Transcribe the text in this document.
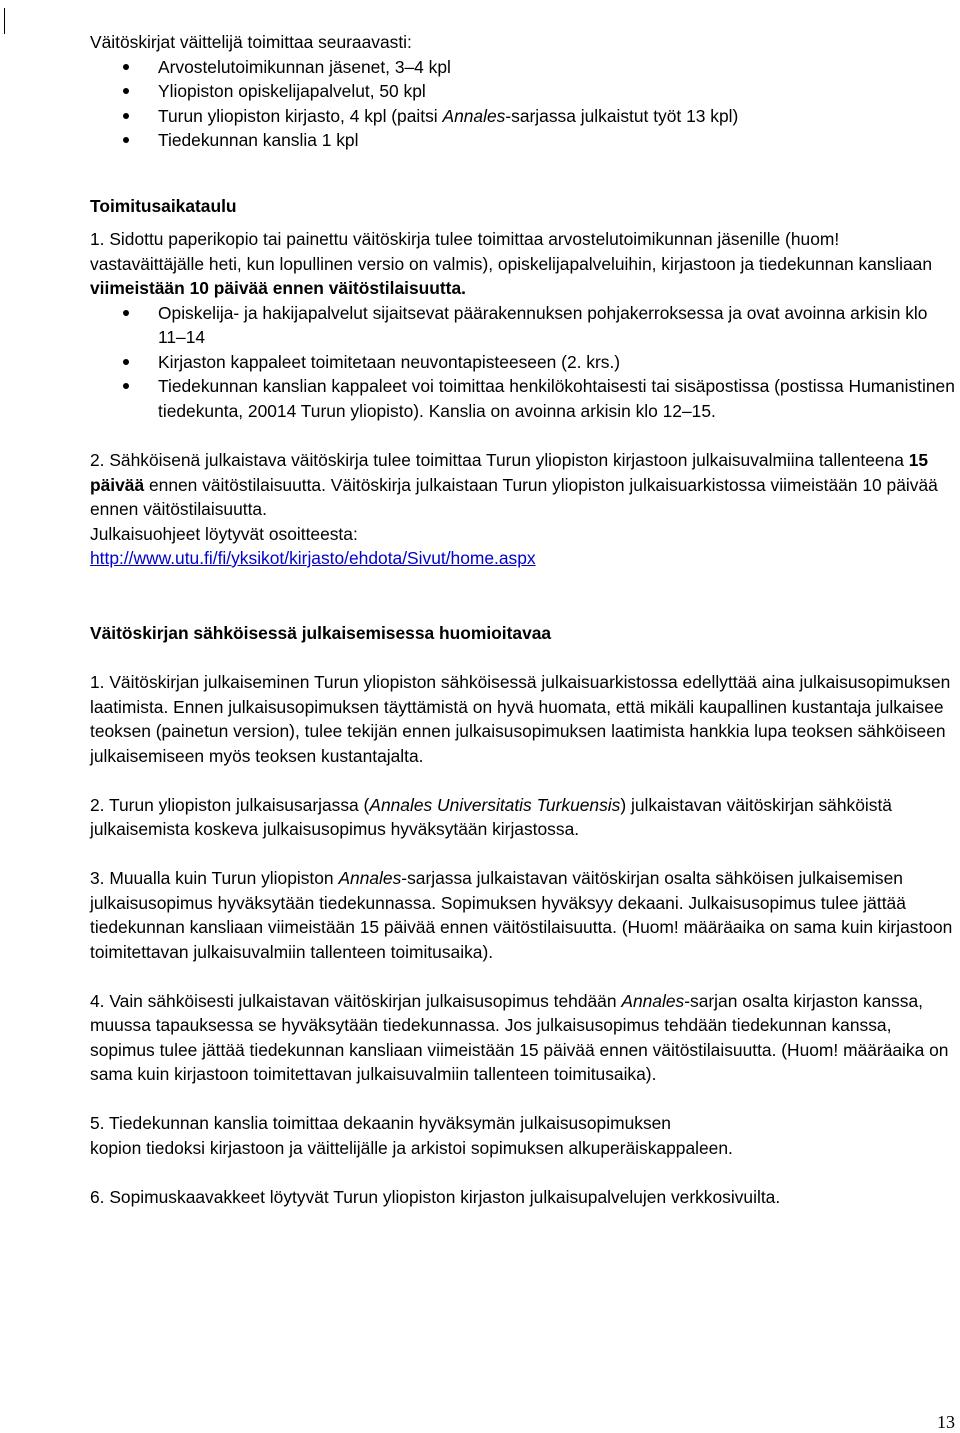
Väitöskirjat väittelijä toimittaa seuraavasti:

Arvostelutoimikunnan jäsenet, 3–4 kpl
Yliopiston opiskelijapalvelut, 50 kpl
Turun yliopiston kirjasto, 4 kpl (paitsi Annales-sarjassa julkaistut työt 13 kpl)
Tiedekunnan kanslia 1 kpl

Toimitusaikataulu

1. Sidottu paperikopio tai painettu väitöskirja tulee toimittaa arvostelutoimikunnan jäsenille (huom! vastaväittäjälle heti, kun lopullinen versio on valmis), opiskelijapalveluihin, kirjastoon ja tiedekunnan kansliaan viimeistään 10 päivää ennen väitöstilaisuutta.

Opiskelija- ja hakijapalvelut sijaitsevat päärakennuksen pohjakerroksessa ja ovat avoinna arkisin klo 11–14
Kirjaston kappaleet toimitetaan neuvontapisteeseen (2. krs.)
Tiedekunnan kanslian kappaleet voi toimittaa henkilökohtaisesti tai sisäpostissa (postissa Humanistinen tiedekunta, 20014 Turun yliopisto). Kanslia on avoinna arkisin klo 12–15.

2. Sähköisenä julkaistava väitöskirja tulee toimittaa Turun yliopiston kirjastoon julkaisuvalmiina tallenteena 15 päivää ennen väitöstilaisuutta. Väitöskirja julkaistaan Turun yliopiston julkaisuarkistossa viimeistään 10 päivää ennen väitöstilaisuutta.

Julkaisuohjeet löytyvät osoitteesta:

http://www.utu.fi/fi/yksikot/kirjasto/ehdota/Sivut/home.aspx

Väitöskirjan sähköisessä julkaisemisessa huomioitavaa

1. Väitöskirjan julkaiseminen Turun yliopiston sähköisessä julkaisuarkistossa edellyttää aina julkaisusopimuksen laatimista. Ennen julkaisusopimuksen täyttämistä on hyvä huomata, että mikäli kaupallinen kustantaja julkaisee teoksen (painetun version), tulee tekijän ennen julkaisusopimuksen laatimista hankkia lupa teoksen sähköiseen julkaisemiseen myös teoksen kustantajalta.

2. Turun yliopiston julkaisusarjassa (Annales Universitatis Turkuensis) julkaistavan väitöskirjan sähköistä julkaisemista koskeva julkaisusopimus hyväksytään kirjastossa.

3. Muualla kuin Turun yliopiston Annales-sarjassa julkaistavan väitöskirjan osalta sähköisen julkaisemisen julkaisusopimus hyväksytään tiedekunnassa. Sopimuksen hyväksyy dekaani. Julkaisusopimus tulee jättää tiedekunnan kansliaan viimeistään 15 päivää ennen väitöstilaisuutta. (Huom! määräaika on sama kuin kirjastoon toimitettavan julkaisuvalmiin tallenteen toimitusaika).

4. Vain sähköisesti julkaistavan väitöskirjan julkaisusopimus tehdään Annales-sarjan osalta kirjaston kanssa, muussa tapauksessa se hyväksytään tiedekunnassa. Jos julkaisusopimus tehdään tiedekunnan kanssa, sopimus tulee jättää tiedekunnan kansliaan viimeistään 15 päivää ennen väitöstilaisuutta. (Huom! määräaika on sama kuin kirjastoon toimitettavan julkaisuvalmiin tallenteen toimitusaika).

5. Tiedekunnan kanslia toimittaa dekaanin hyväksymän julkaisusopimuksen
kopion tiedoksi kirjastoon ja väittelijälle ja arkistoi sopimuksen alkuperäiskappaleen.

6. Sopimuskaavakkeet löytyvät Turun yliopiston kirjaston julkaisupalvelujen verkkosivuilta.

13
